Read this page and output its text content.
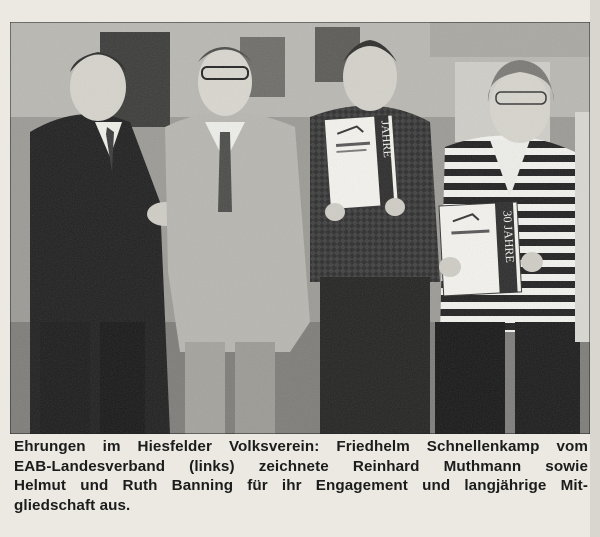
Ehrungen im Hiesfelder Volksverein: Friedhelm Schnellenkamp vom
EAB-Landesverband (links) zeichnete Reinhard Muthmann sowie
Helmut und Ruth Banning für ihr Engagement und langjährige Mit-
gliedschaft aus.
